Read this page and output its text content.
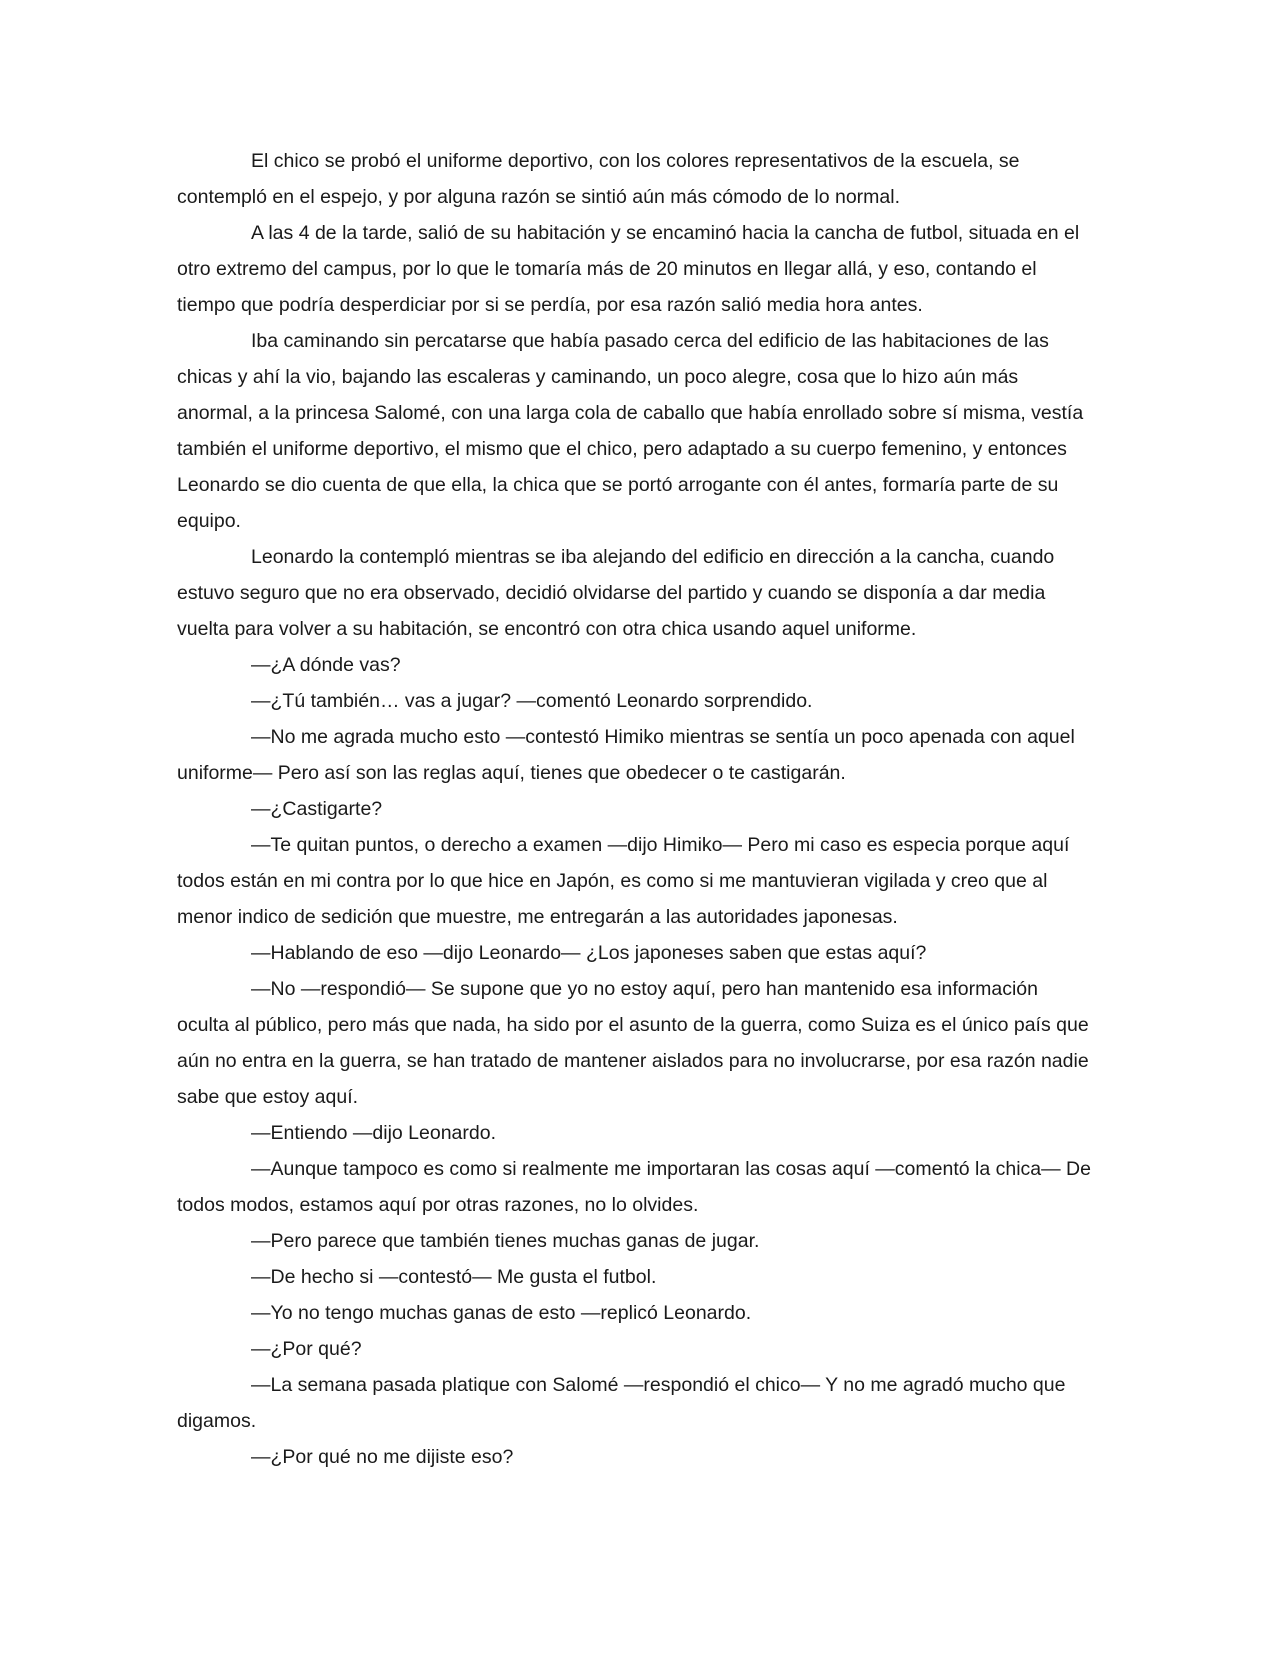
El chico se probó el uniforme deportivo, con los colores representativos de la escuela, se contempló en el espejo, y por alguna razón se sintió aún más cómodo de lo normal.

A las 4 de la tarde, salió de su habitación y se encaminó hacia la cancha de futbol, situada en el otro extremo del campus, por lo que le tomaría más de 20 minutos en llegar allá, y eso, contando el tiempo que podría desperdiciar por si se perdía, por esa razón salió media hora antes.

Iba caminando sin percatarse que había pasado cerca del edificio de las habitaciones de las chicas y ahí la vio, bajando las escaleras y caminando, un poco alegre, cosa que lo hizo aún más anormal, a la princesa Salomé, con una larga cola de caballo que había enrollado sobre sí misma, vestía también el uniforme deportivo, el mismo que el chico, pero adaptado a su cuerpo femenino, y entonces Leonardo se dio cuenta de que ella, la chica que se portó arrogante con él antes, formaría parte de su equipo.

Leonardo la contempló mientras se iba alejando del edificio en dirección a la cancha, cuando estuvo seguro que no era observado, decidió olvidarse del partido y cuando se disponía a dar media vuelta para volver a su habitación, se encontró con otra chica usando aquel uniforme.

—¿A dónde vas?

—¿Tú también… vas a jugar? —comentó Leonardo sorprendido.

—No me agrada mucho esto —contestó Himiko mientras se sentía un poco apenada con aquel uniforme— Pero así son las reglas aquí, tienes que obedecer o te castigarán.

—¿Castigarte?

—Te quitan puntos, o derecho a examen —dijo Himiko— Pero mi caso es especia porque aquí todos están en mi contra por lo que hice en Japón, es como si me mantuvieran vigilada y creo que al menor indico de sedición que muestre, me entregarán a las autoridades japonesas.

—Hablando de eso —dijo Leonardo— ¿Los japoneses saben que estas aquí?

—No —respondió— Se supone que yo no estoy aquí, pero han mantenido esa información oculta al público, pero más que nada, ha sido por el asunto de la guerra, como Suiza es el único país que aún no entra en la guerra, se han tratado de mantener aislados para no involucrarse, por esa razón nadie sabe que estoy aquí.

—Entiendo —dijo Leonardo.

—Aunque tampoco es como si realmente me importaran las cosas aquí —comentó la chica— De todos modos, estamos aquí por otras razones, no lo olvides.

—Pero parece que también tienes muchas ganas de jugar.

—De hecho si —contestó— Me gusta el futbol.

—Yo no tengo muchas ganas de esto —replicó Leonardo.

—¿Por qué?

—La semana pasada platique con Salomé —respondió el chico— Y no me agradó mucho que digamos.

—¿Por qué no me dijiste eso?
